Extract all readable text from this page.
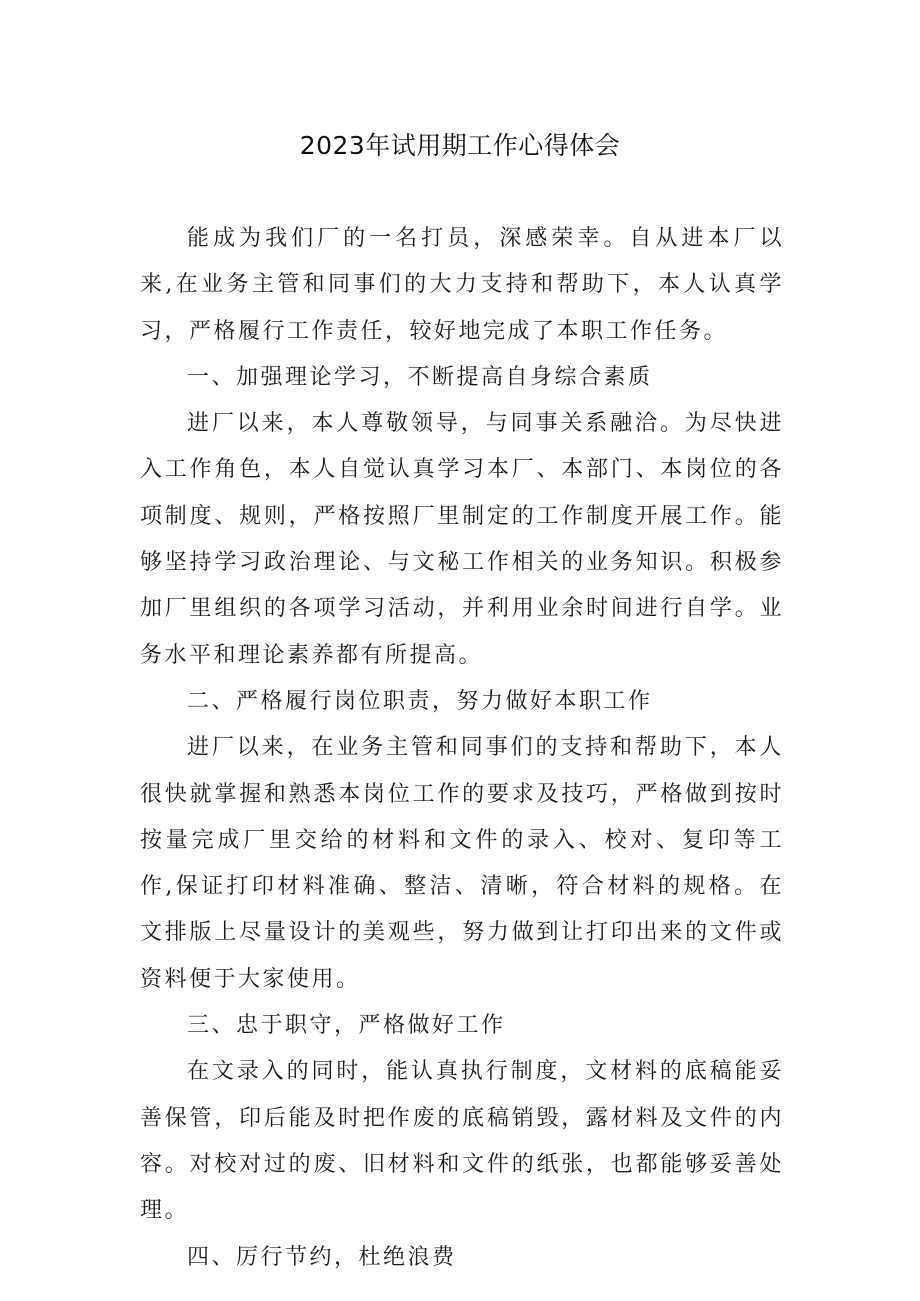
2023年试用期工作心得体会

能成为我们厂的一名打员，深感荣幸。自从进本厂以来,在业务主管和同事们的大力支持和帮助下，本人认真学习，严格履行工作责任，较好地完成了本职工作任务。

一、加强理论学习，不断提高自身综合素质

进厂以来，本人尊敬领导，与同事关系融洽。为尽快进入工作角色，本人自觉认真学习本厂、本部门、本岗位的各项制度、规则，严格按照厂里制定的工作制度开展工作。能够坚持学习政治理论、与文秘工作相关的业务知识。积极参加厂里组织的各项学习活动，并利用业余时间进行自学。业务水平和理论素养都有所提高。

二、严格履行岗位职责，努力做好本职工作

进厂以来，在业务主管和同事们的支持和帮助下，本人很快就掌握和熟悉本岗位工作的要求及技巧，严格做到按时按量完成厂里交给的材料和文件的录入、校对、复印等工作,保证打印材料准确、整洁、清晰，符合材料的规格。在文排版上尽量设计的美观些，努力做到让打印出来的文件或资料便于大家使用。

三、忠于职守，严格做好工作

在文录入的同时，能认真执行制度，文材料的底稿能妥善保管，印后能及时把作废的底稿销毁，露材料及文件的内容。对校对过的废、旧材料和文件的纸张，也都能够妥善处理。

四、厉行节约，杜绝浪费
